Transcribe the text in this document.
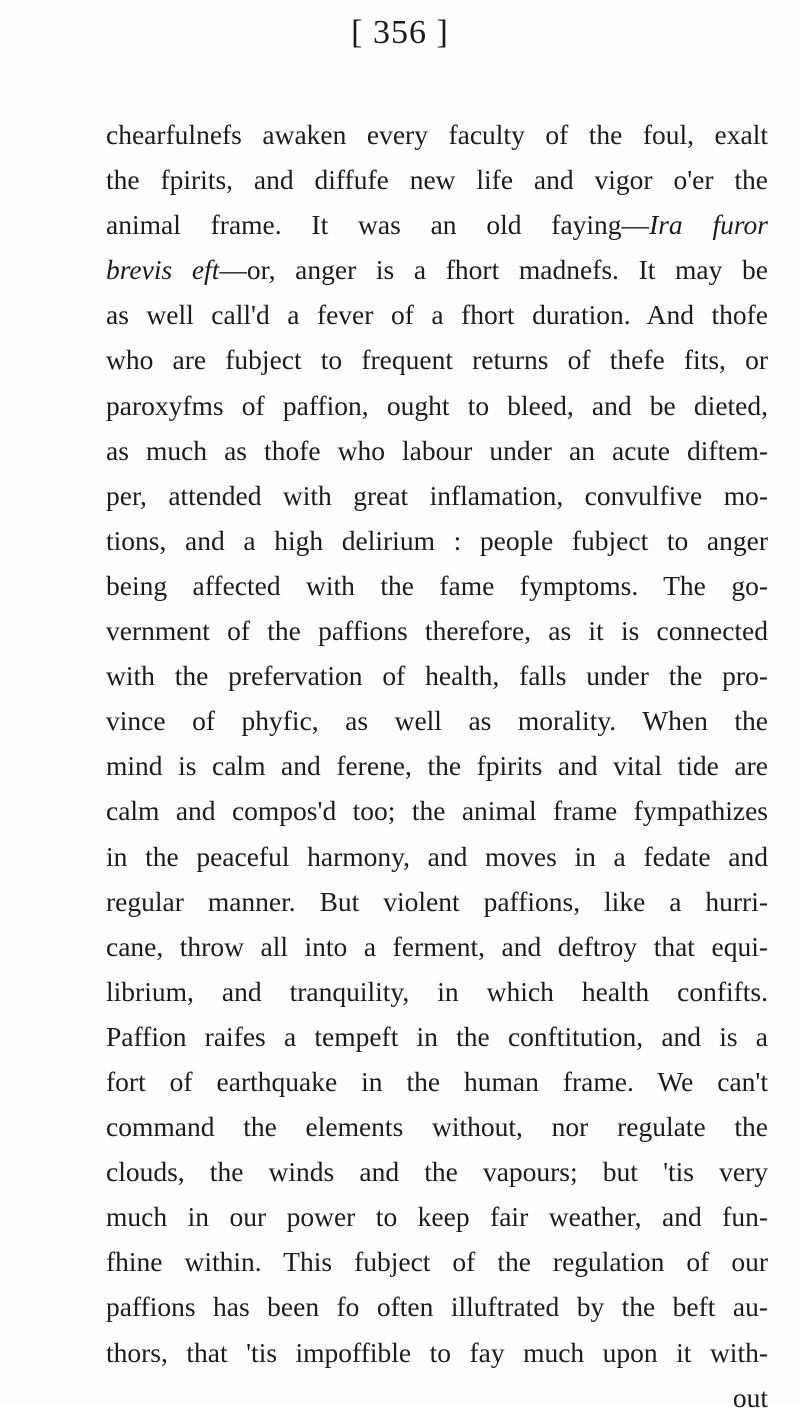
[ 356 ]
chearfulnefs awaken every faculty of the foul, exalt
the fpirits, and diffufe new life and vigor o'er the
animal frame. It was an old faying—Ira furor
brevis eft—or, anger is a fhort madnefs. It may be
as well call'd a fever of a fhort duration. And thofe
who are fubject to frequent returns of thefe fits, or
paroxyfms of paffion, ought to bleed, and be dieted,
as much as thofe who labour under an acute diftem-
per, attended with great inflamation, convulfive mo-
tions, and a high delirium : people fubject to anger
being affected with the fame fymptoms. The go-
vernment of the paffions therefore, as it is connected
with the prefervation of health, falls under the pro-
vince of phyfic, as well as morality. When the
mind is calm and ferene, the fpirits and vital tide are
calm and compos'd too; the animal frame fympathizes
in the peaceful harmony, and moves in a fedate and
regular manner. But violent paffions, like a hurri-
cane, throw all into a ferment, and deftroy that equi-
librium, and tranquility, in which health confifts.
Paffion raifes a tempeft in the conftitution, and is a
fort of earthquake in the human frame. We can't
command the elements without, nor regulate the
clouds, the winds and the vapours; but 'tis very
much in our power to keep fair weather, and fun-
fhine within. This fubject of the regulation of our
paffions has been fo often illuftrated by the beft au-
thors, that 'tis impoffible to fay much upon it with-
out
